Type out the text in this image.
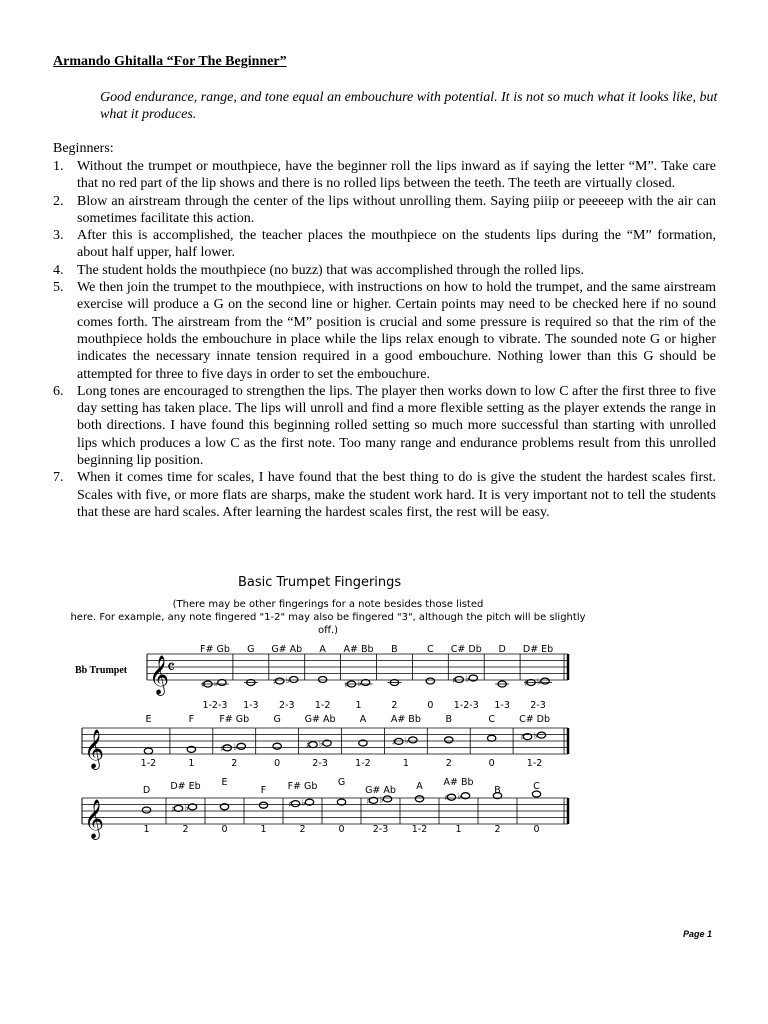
Armando Ghitalla “For The Beginner”
Good endurance, range, and tone equal an embouchure with potential. It is not so much what it looks like, but what it produces.
Beginners:
1. Without the trumpet or mouthpiece, have the beginner roll the lips inward as if saying the letter “M”. Take care that no red part of the lip shows and there is no rolled lips between the teeth. The teeth are virtually closed.
2. Blow an airstream through the center of the lips without unrolling them. Saying piiip or peeeeep with the air can sometimes facilitate this action.
3. After this is accomplished, the teacher places the mouthpiece on the students lips during the “M” formation, about half upper, half lower.
4. The student holds the mouthpiece (no buzz) that was accomplished through the rolled lips.
5. We then join the trumpet to the mouthpiece, with instructions on how to hold the trumpet, and the same airstream exercise will produce a G on the second line or higher. Certain points may need to be checked here if no sound comes forth. The airstream from the “M” position is crucial and some pressure is required so that the rim of the mouthpiece holds the embouchure in place while the lips relax enough to vibrate. The sounded note G or higher indicates the necessary innate tension required in a good embouchure. Nothing lower than this G should be attempted for three to five days in order to set the embouchure.
6. Long tones are encouraged to strengthen the lips. The player then works down to low C after the first three to five day setting has taken place. The lips will unroll and find a more flexible setting as the player extends the range in both directions. I have found this beginning rolled setting so much more successful than starting with unrolled lips which produces a low C as the first note. Too many range and endurance problems result from this unrolled beginning lip position.
7. When it comes time for scales, I have found that the best thing to do is give the student the hardest scales first. Scales with five, or more flats are sharps, make the student work hard. It is very important not to tell the students that these are hard scales. After learning the hardest scales first, the rest will be easy.
Basic Trumpet Fingerings
(There may be other fingerings for a note besides those listed
here. For example, any note fingered "1-2" may also be fingered "3", although the pitch will be slightly off.)
Bb Trumpet 𝄞
𝄴
F# Gb
♯ ♭
1-2-3
G
1-3
G# Ab
♯ ♭
2-3
A
1-2
A# Bb
♯ ♭
1
B
2
C
0
C# Db
♯ ♭
1-2-3
D
1-3
D# Eb
♯ ♭
2-3
𝄞
E
1-2
F
1
F# Gb
♯ ♭
2
G
0
G# Ab
♯ ♭
2-3
A
1-2
A# Bb
♯ ♭
1
B
2
C
0
C# Db
♯ ♭
1-2
𝄞
D
1
D# Eb
♯ ♭
2
E
0
F
1
F# Gb
♯ ♭
2
G
0
G# Ab
♯ ♭
2-3
A
1-2
A# Bb
♯ ♭
1
B
2
C
0
Page 1
